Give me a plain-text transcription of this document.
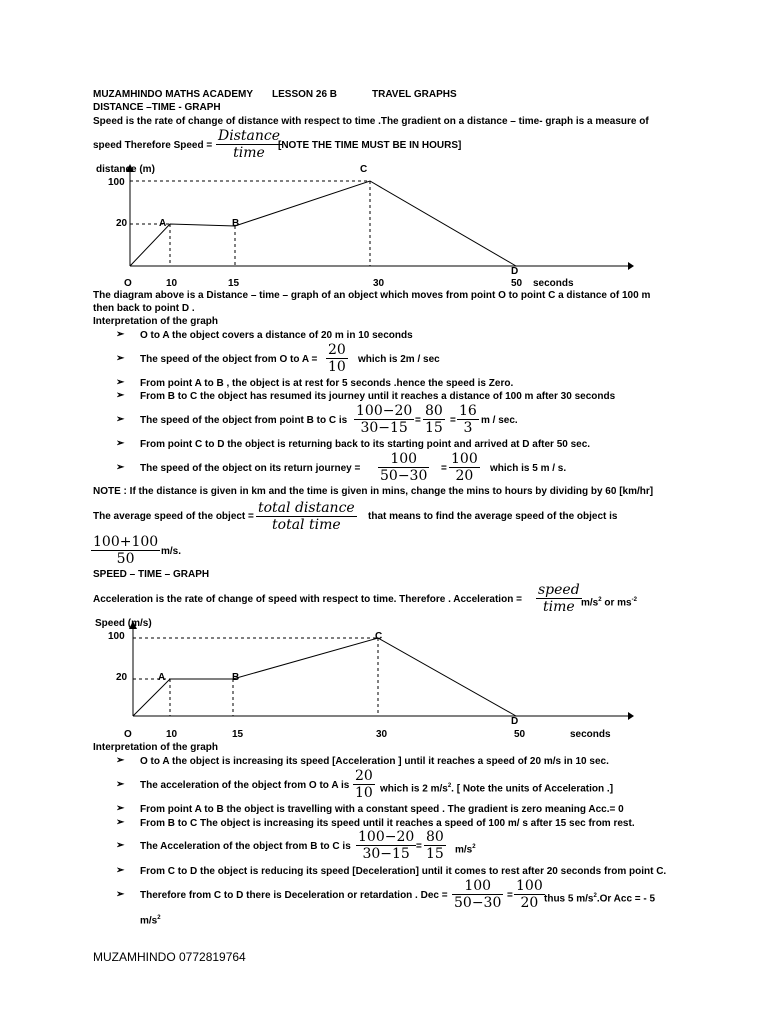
MUZAMHINDO MATHS ACADEMY LESSON 26 B	TRAVEL GRAPHS
DISTANCE –TIME - GRAPH
Speed is the rate of change of distance with respect to time .The gradient on a distance – time- graph is a measure of
speed Therefore Speed =
Distance
time	[NOTE THE TIME MUST BE IN HOURS]
distance (m)
100
20
O	10	15	30	50 seconds
A	B
C
D
The diagram above is a Distance – time – graph of an object which moves from point O to point C a distance of 100 m
then back to point D .
Interpretation of the graph
➢ O to A the object covers a distance of 20 m in 10 seconds
➢ The speed of the object from O to $A = \frac{20}{10}$ which is 2m / sec
➢ From point A to B , the object is at rest for 5 seconds .hence the speed is Zero.
➢ From B to C the object has resumed its journey until it reaches a distance of 100 m after 30 seconds
➢ The speed of the object from point B to C is $\frac{100-20}{30-15} = \frac{80}{15} = \frac{16}{3}$ m / sec.
➢ From point C to D the object is returning back to its starting point and arrived at D after 50 sec.
➢ The speed of the object on its return journey = $\frac{100}{50-30} = \frac{100}{20}$ which is 5 m / s.
NOTE : If the distance is given in km and the time is given in mins, change the mins to hours by dividing by 60 [km/hr]
The average speed of the object =
total distance
total time
that means to find the average speed of the object is
$\frac{100+100}{50} m/s$.
SPEED – TIME – GRAPH
Acceleration is the rate of change of speed with respect to time. Therefore . Acceleration =
speed
time $m/s^2$ or $ms^{-2}$
Speed (m/s)
100
20
O	10	15	30	50	seconds
A	B
C
D
Interpretation of the graph
➢ O to A the object is increasing its speed [Acceleration ] until it reaches a speed of 20 m/s in 10 sec.
➢ The acceleration of the object from O to A is $\frac{20}{10}$ which is 2 $m/s^2$. [ Note the units of Acceleration .]
➢ From point A to B the object is travelling with a constant speed . The gradient is zero meaning Acc.= 0
➢ From B to C The object is increasing its speed until it reaches a speed of 100 m/ s after 15 sec from rest.
➢ The Acceleration of the object from B to C is $\frac{100-20}{30-15} = \frac{80}{15} m/s^2$
➢ From C to D the object is reducing its speed [Deceleration] until it comes to rest after 20 seconds from point C.
➢ Therefore from C to D there is Deceleration or retardation . Dec = $\frac{100}{50-30} = \frac{100}{20}$ thus 5 $m/s^2.Or$ Acc = - 5
$m/s^2$
MUZAMHINDO 0772819764
